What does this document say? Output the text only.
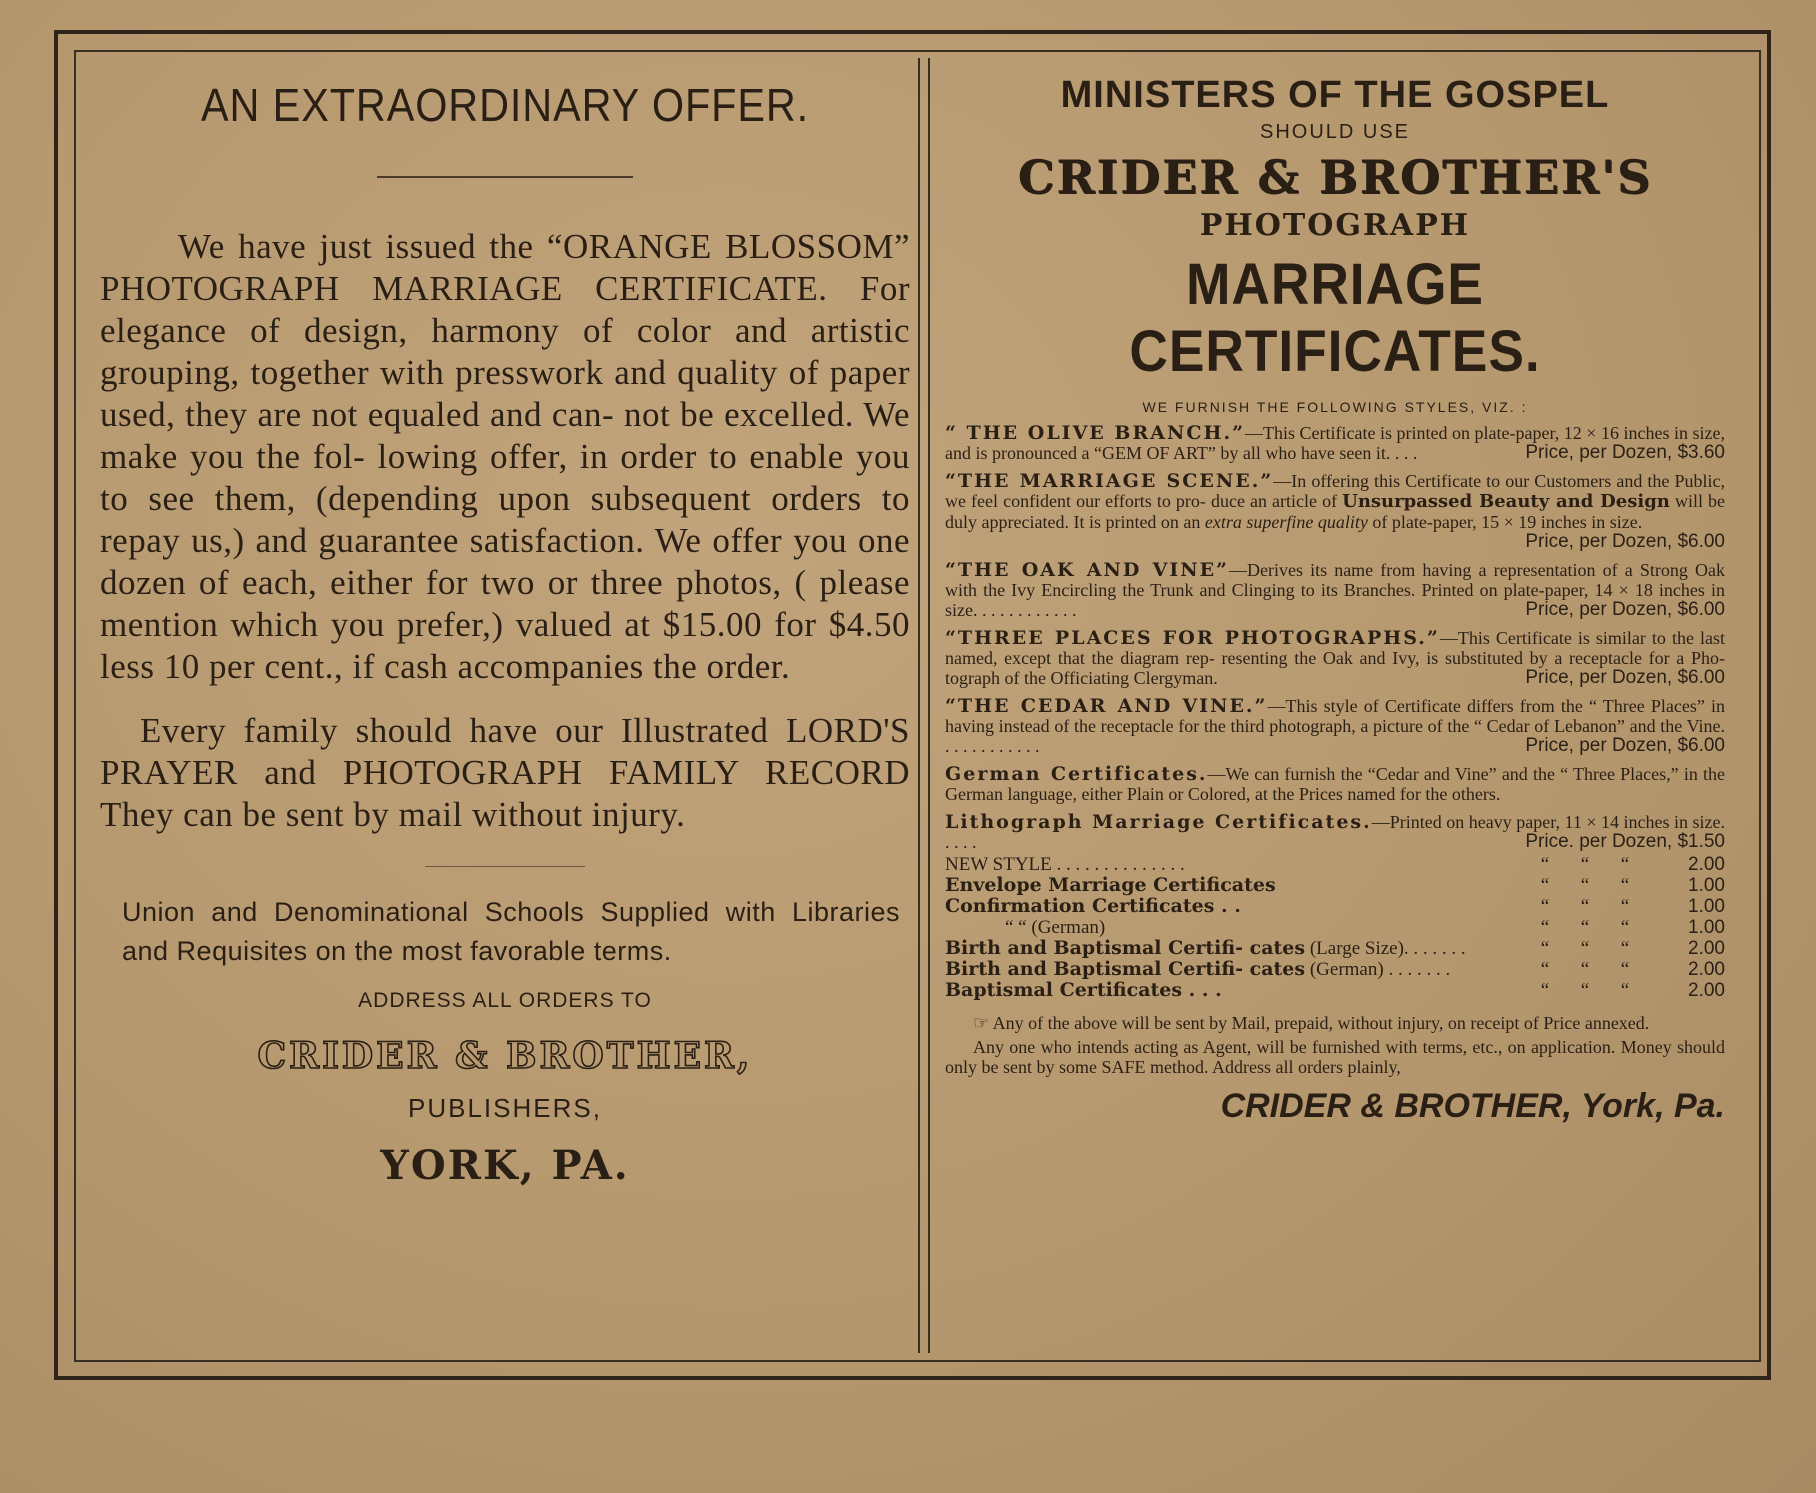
AN EXTRAORDINARY OFFER.

We have just issued the “ORANGE BLOSSOM” PHOTOGRAPH MARRIAGE CERTIFICATE. For elegance of design, harmony of color and artistic grouping, together with presswork and quality of paper used, they are not equaled and can- not be excelled. We make you the fol- lowing offer, in order to enable you to see them, (depending upon subsequent orders to repay us,) and guarantee satisfaction. We offer you one dozen of each, either for two or three photos, ( please mention which you prefer,) valued at $15.00 for $4.50 less 10 per cent., if cash accompanies the order.

Every family should have our Illustrated LORD'S PRAYER and PHOTOGRAPH FAMILY RECORD They can be sent by mail without injury.

Union and Denominational Schools Supplied with Libraries and Requisites on the most favorable terms.
ADDRESS ALL ORDERS TO
CRIDER & BROTHER,
PUBLISHERS,
YORK, PA.
MINISTERS OF THE GOSPEL
SHOULD USE
CRIDER & BROTHER'S
PHOTOGRAPH
MARRIAGE CERTIFICATES.
WE FURNISH THE FOLLOWING STYLES, VIZ. :
“ THE OLIVE BRANCH.”—This Certificate is printed on plate-paper, 12 × 16 inches in size, and is pronounced a “GEM OF ART” by all who have seen it. . . .	Price, per Dozen, $3.60
“THE MARRIAGE SCENE.”—In offering this Certificate to our Customers and the Public, we feel confident our efforts to pro- duce an article of Unsurpassed Beauty and Design will be duly appreciated. It is printed on an extra superfine quality of plate-paper, 15 × 19 inches in size.
Price, per Dozen, $6.00
“THE OAK AND VINE”—Derives its name from having a representation of a Strong Oak with the Ivy Encircling the Trunk and Clinging to its Branches. Printed on plate-paper, 14 × 18 inches in size. . . . . . . . . . . .	Price, per Dozen, $6.00
“THREE PLACES FOR PHOTOGRAPHS.”—This Certificate is similar to the last named, except that the diagram rep- resenting the Oak and Ivy, is substituted by a receptacle for a Pho- tograph of the Officiating Clergyman.	Price, per Dozen, $6.00
“THE CEDAR AND VINE.”—This style of Certificate differs from the “ Three Places” in having instead of the receptacle for the third photograph, a picture of the “ Cedar of Lebanon” and the Vine. . . . . . . . . . . .	Price, per Dozen, $6.00
German Certificates.—We can furnish the “Cedar and Vine” and the “ Three Places,” in the German language, either Plain or Colored, at the Prices named for the others.
Lithograph Marriage Certificates.—Printed on heavy paper, 11 × 14 inches in size. . . . .	Price. per Dozen, $1.50
NEW STYLE . . . . . . . . . . . . . .	“	“	“	2.00
Envelope Marriage Certificates	“	“	“	1.00
Confirmation Certificates . .	“	“	“	1.00
“ “ (German)	“	“	“	1.00
Birth and Baptismal Certifi- cates (Large Size). . . . . . .	“	“	“	2.00
Birth and Baptismal Certifi- cates (German) . . . . . . .	“	“	“	2.00
Baptismal Certificates . . .	“	“	“	2.00

☞ Any of the above will be sent by Mail, prepaid, without injury, on receipt of Price annexed.

Any one who intends acting as Agent, will be furnished with terms, etc., on application. Money should only be sent by some SAFE method. Address all orders plainly,

CRIDER & BROTHER, York, Pa.
